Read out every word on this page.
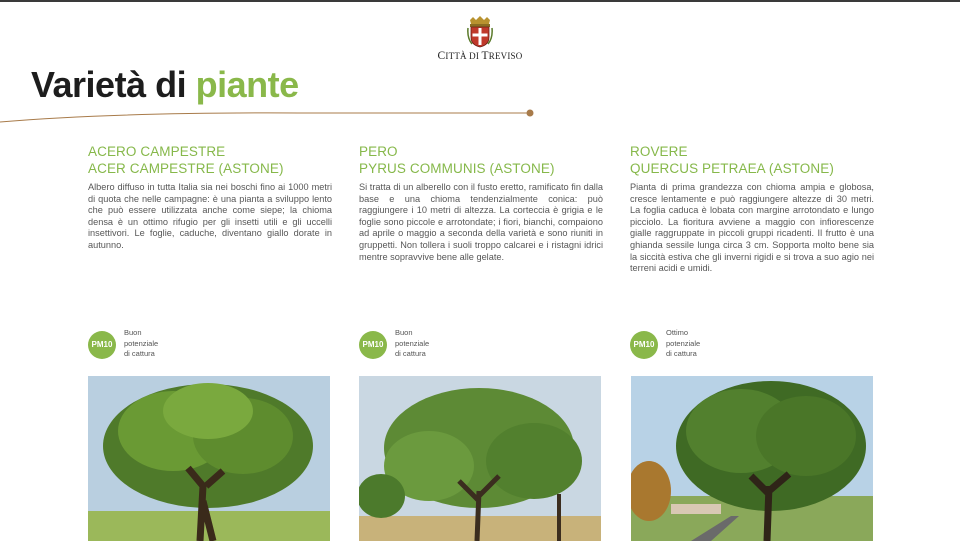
CITTÀ DI TREVISO
Varietà di piante
ACERO CAMPESTRE
ACER CAMPESTRE (ASTONE)

Albero diffuso in tutta Italia sia nei boschi fino ai 1000 metri di quota che nelle campagne: è una pianta a sviluppo lento che può essere utilizzata anche come siepe; la chioma densa è un ottimo rifugio per gli insetti utili e gli uccelli insettivori. Le foglie, caduche, diventano giallo dorate in autunno.

PERO
PYRUS COMMUNIS (ASTONE)

Si tratta di un alberello con il fusto eretto, ramificato fin dalla base e una chioma tendenzialmente conica: può raggiungere i 10 metri di altezza. La corteccia è grigia e le foglie sono piccole e arrotondate; i fiori, bianchi, compaiono ad aprile o maggio a seconda della varietà e sono riuniti in gruppetti. Non tollera i suoli troppo calcarei e i ristagni idrici mentre sopravvive bene alle gelate.

ROVERE
QUERCUS PETRAEA (ASTONE)

Pianta di prima grandezza con chioma ampia e globosa, cresce lentamente e può raggiungere altezze di 30 metri. La foglia caduca è lobata con margine arrotondato e lungo picciolo. La fioritura avviene a maggio con infiorescenze gialle raggruppate in piccoli gruppi ricadenti. Il frutto è una ghianda sessile lunga circa 3 cm. Sopporta molto bene sia la siccità estiva che gli inverni rigidi e si trova a suo agio nei terreni acidi e umidi.

PM10
Buon
potenziale
di cattura
PM10
Buon
potenziale
di cattura
PM10
Ottimo
potenziale
di cattura
